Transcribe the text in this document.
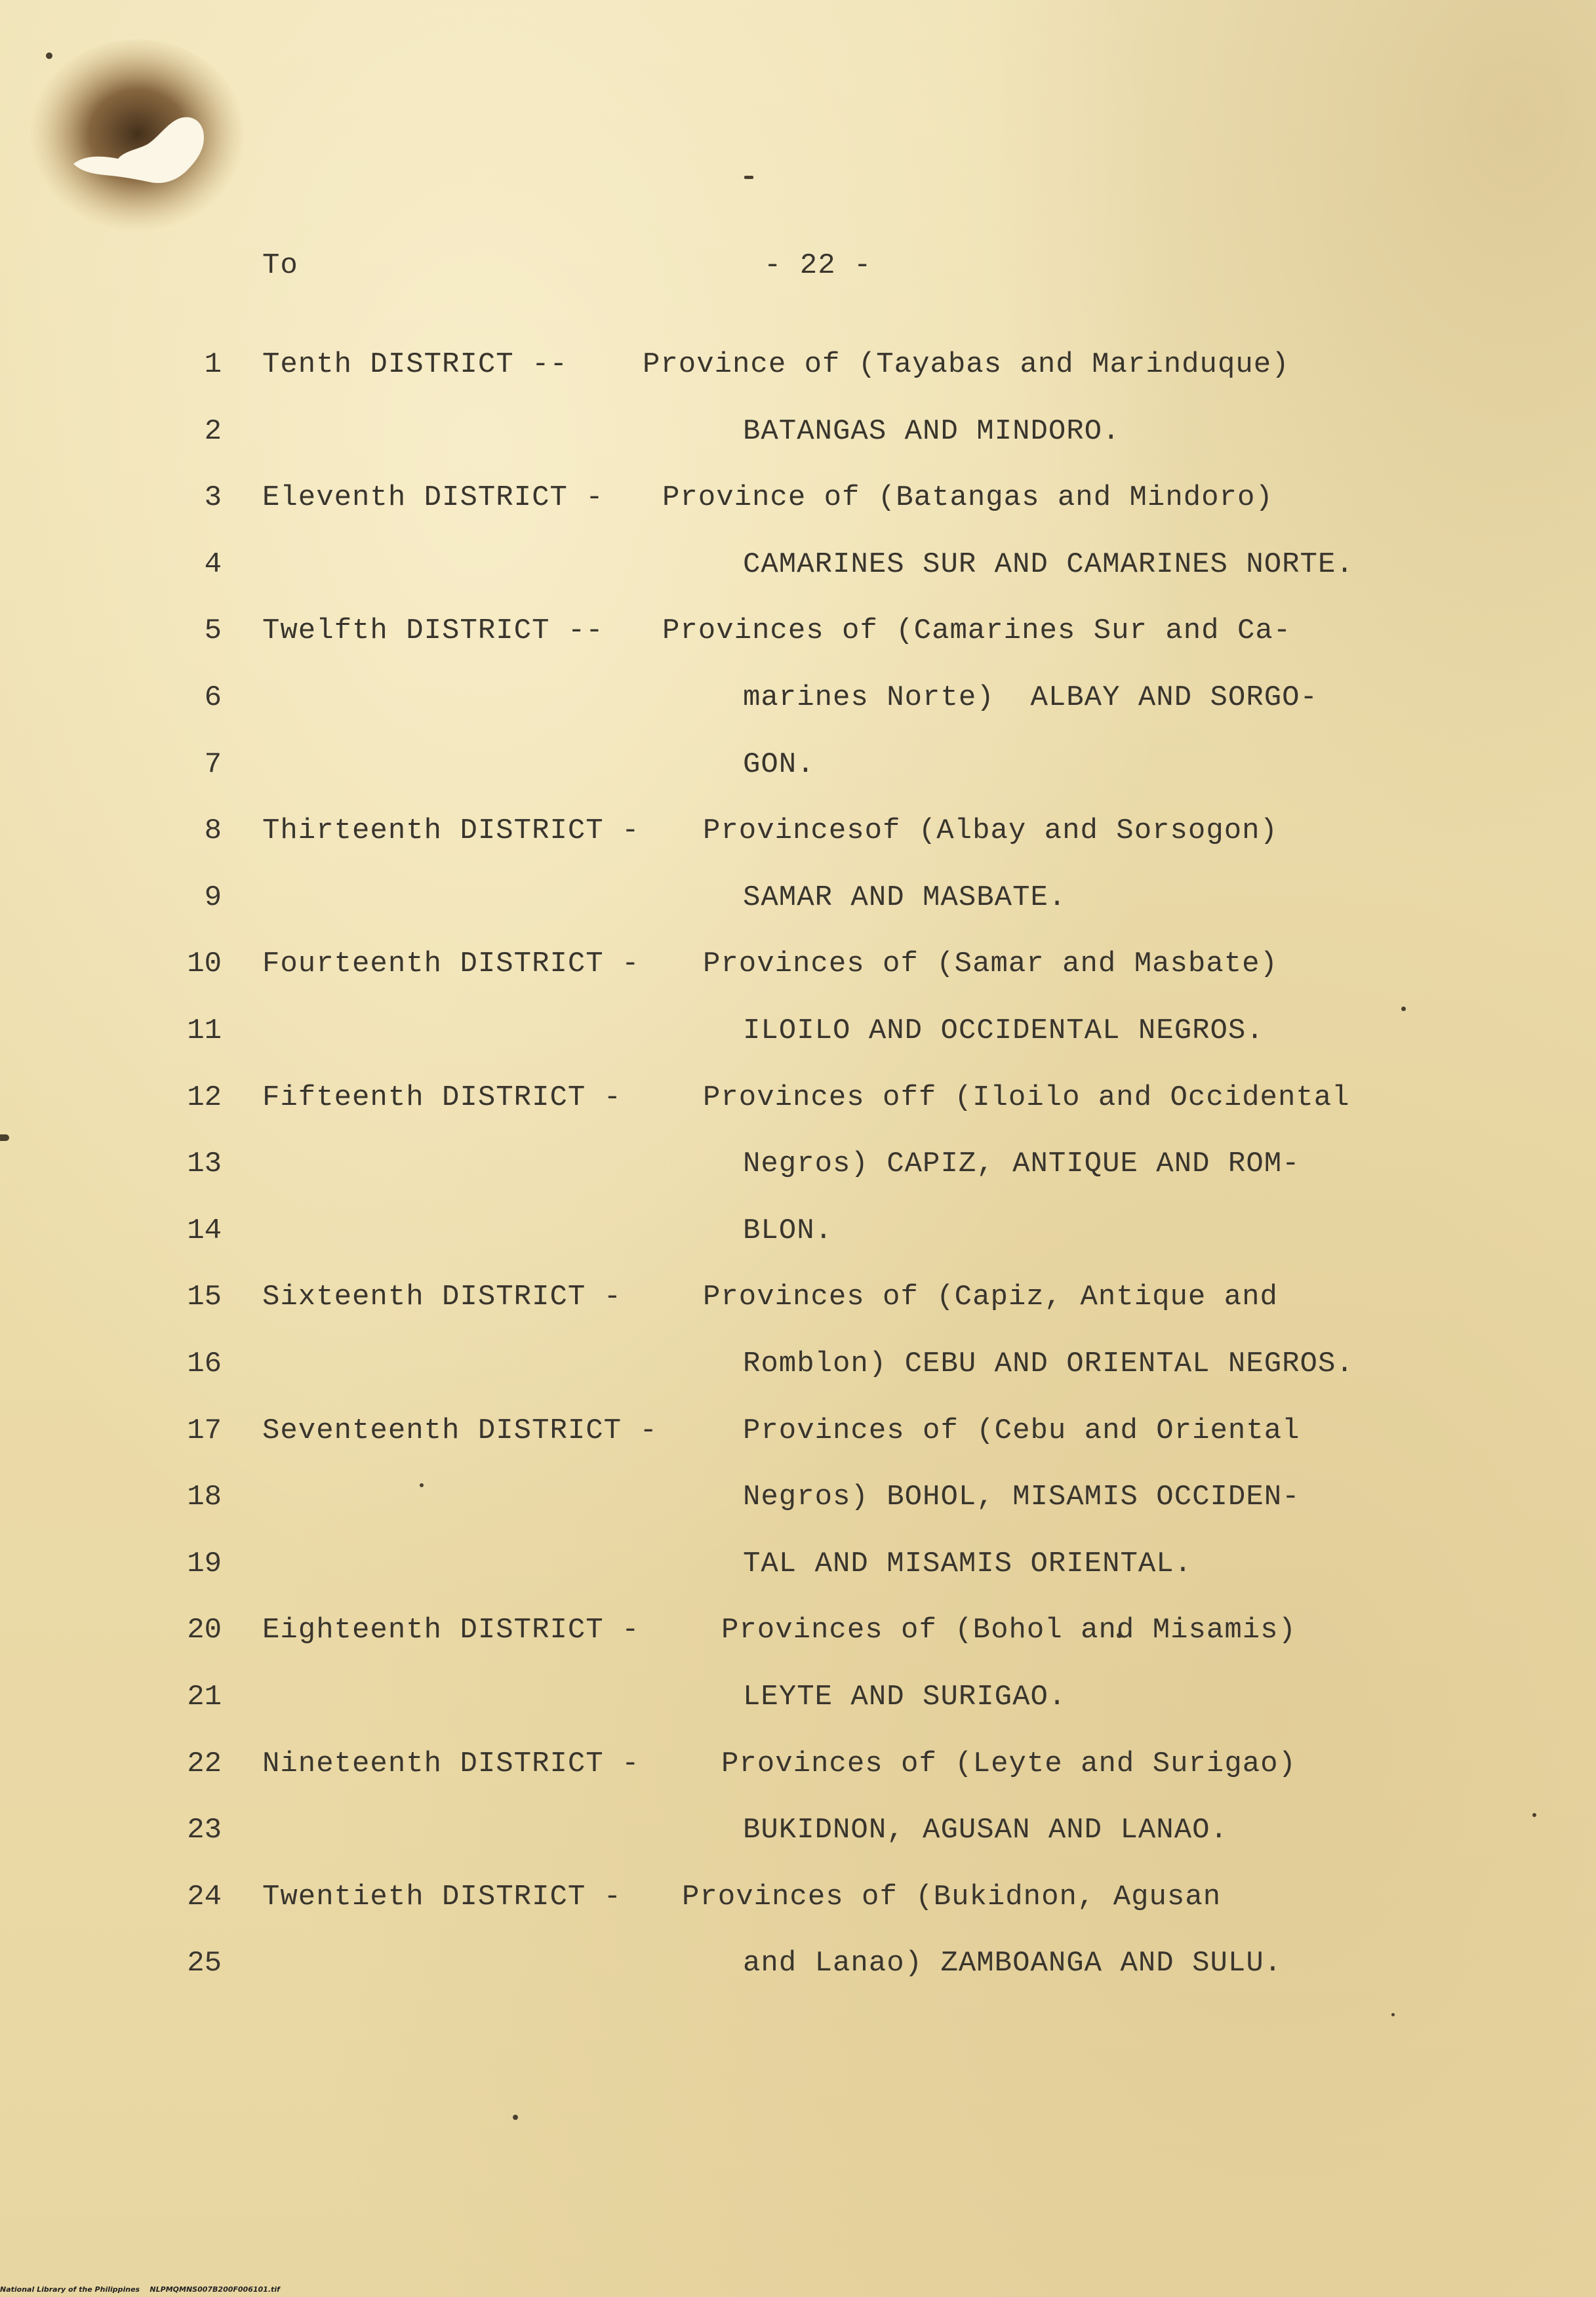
To	- 22 -
1 Tenth DISTRICT --	Province of (Tayabas and Marinduque)
2	BATANGAS AND MINDORO.
3 Eleventh DISTRICT - Province of (Batangas and Mindoro)
4	CAMARINES SUR AND CAMARINES NORTE.
5 Twelfth DISTRICT -- Provinces of (Camarines Sur and Ca-
6	marines Norte)  ALBAY AND SORGO-
7	GON.
8 Thirteenth DISTRICT - Provincesof (Albay and Sorsogon)
9	SAMAR AND MASBATE.
10 Fourteenth DISTRICT - Provinces of (Samar and Masbate)
11	ILOILO AND OCCIDENTAL NEGROS.
12 Fifteenth DISTRICT -	Provinces off (Iloilo and Occidental
13	Negros) CAPIZ, ANTIQUE AND ROM-
14	BLON.
15 Sixteenth DISTRICT -	Provinces of (Capiz, Antique and
16	Romblon) CEBU AND ORIENTAL NEGROS.
17 Seventeenth DISTRICT -	Provinces of (Cebu and Oriental
18	Negros) BOHOL, MISAMIS OCCIDEN-
19	TAL AND MISAMIS ORIENTAL.
20 Eighteenth DISTRICT -	Provinces of (Bohol and Misamis)
21	LEYTE AND SURIGAO.
22 Nineteenth DISTRICT -	Provinces of (Leyte and Surigao)
23	BUKIDNON, AGUSAN AND LANAO.
24 Twentieth DISTRICT - Provinces of (Bukidnon, Agusan
25	and Lanao) ZAMBOANGA AND SULU.
National Library of the Philippines    NLPMQMNS007B200F006101.tif
